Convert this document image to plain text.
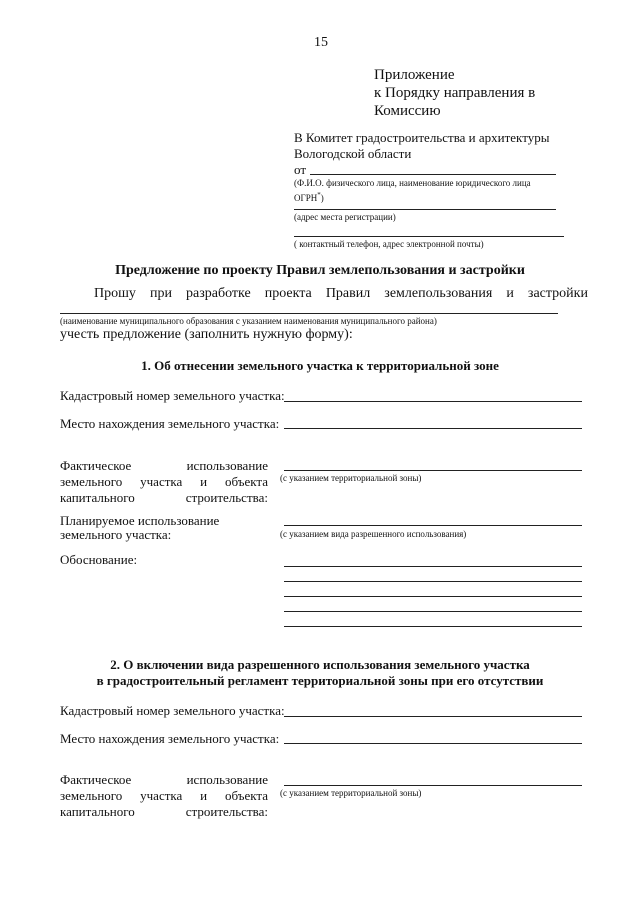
15
Приложение
к Порядку направления в
Комиссию
В Комитет градостроительства и архитектуры
Вологодской области
от
(Ф.И.О. физического лица, наименование юридического лица
ОГРН*)
(адрес места регистрации)
( контактный телефон, адрес электронной почты)
Предложение по проекту Правил землепользования и застройки
Прошу при разработке проекта Правил землепользования и застройки
(наименование муниципального образования с указанием наименования муниципального района)
учесть предложение (заполнить нужную форму):
1. Об отнесении земельного участка к территориальной зоне
Кадастровый номер земельного участка:
Место нахождения земельного участка:
Фактическое использование земельного участка и объекта капитального строительства:
(с указанием территориальной зоны)
Планируемое использование
земельного участка:	(с указанием вида разрешенного использования)
Обоснование:
2. О включении вида разрешенного использования земельного участка
в градостроительный регламент территориальной зоны при его отсутствии
Кадастровый номер земельного участка:
Место нахождения земельного участка:
Фактическое использование земельного участка и объекта капитального строительства:
(с указанием территориальной зоны)
